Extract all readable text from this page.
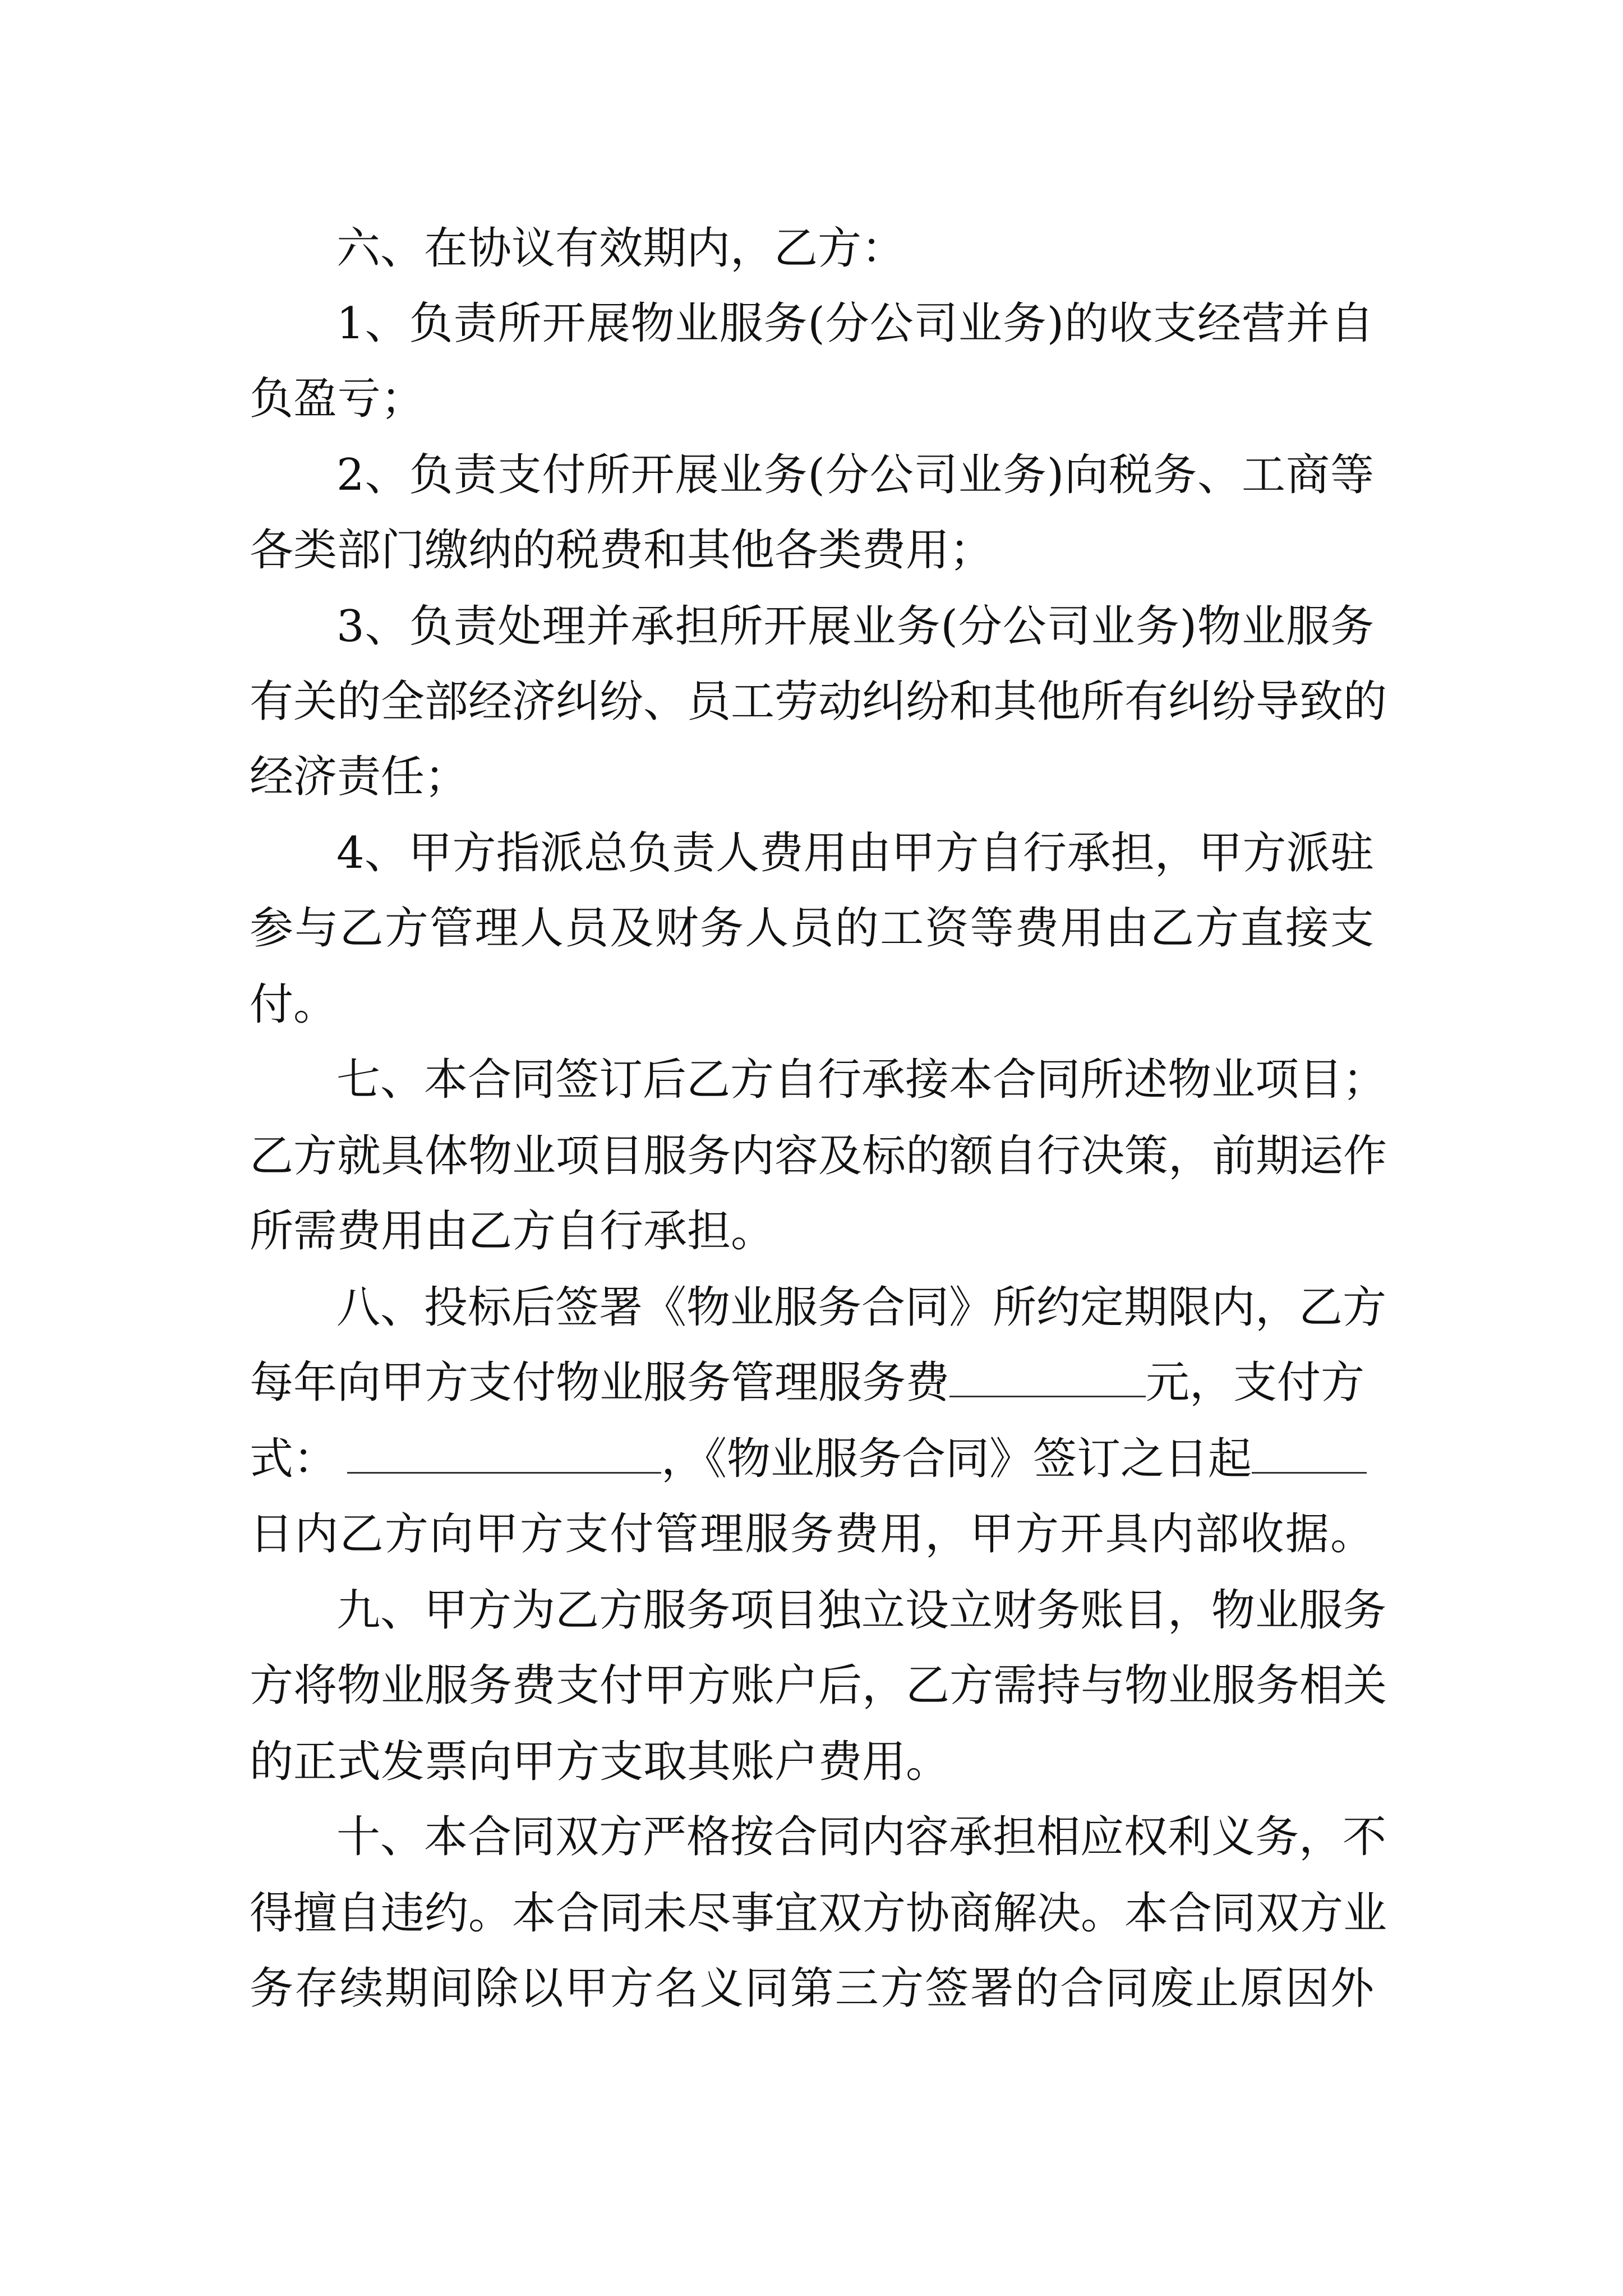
六、在协议有效期内，乙方：
1、负责所开展物业服务(分公司业务)的收支经营并自
负盈亏；
2、负责支付所开展业务(分公司业务)向税务、工商等
各类部门缴纳的税费和其他各类费用；
3、负责处理并承担所开展业务(分公司业务)物业服务
有关的全部经济纠纷、员工劳动纠纷和其他所有纠纷导致的
经济责任；
4、甲方指派总负责人费用由甲方自行承担，甲方派驻
参与乙方管理人员及财务人员的工资等费用由乙方直接支
付。
七、本合同签订后乙方自行承接本合同所述物业项目；
乙方就具体物业项目服务内容及标的额自行决策，前期运作
所需费用由乙方自行承担。
八、投标后签署《物业服务合同》所约定期限内，乙方
每年向甲方支付物业服务管理服务费	元，支付方
式：	，《物业服务合同》签订之日起
日内乙方向甲方支付管理服务费用，甲方开具内部收据。
九、甲方为乙方服务项目独立设立财务账目，物业服务
方将物业服务费支付甲方账户后，乙方需持与物业服务相关
的正式发票向甲方支取其账户费用。
十、本合同双方严格按合同内容承担相应权利义务，不
得擅自违约。本合同未尽事宜双方协商解决。本合同双方业
务存续期间除以甲方名义同第三方签署的合同废止原因外
